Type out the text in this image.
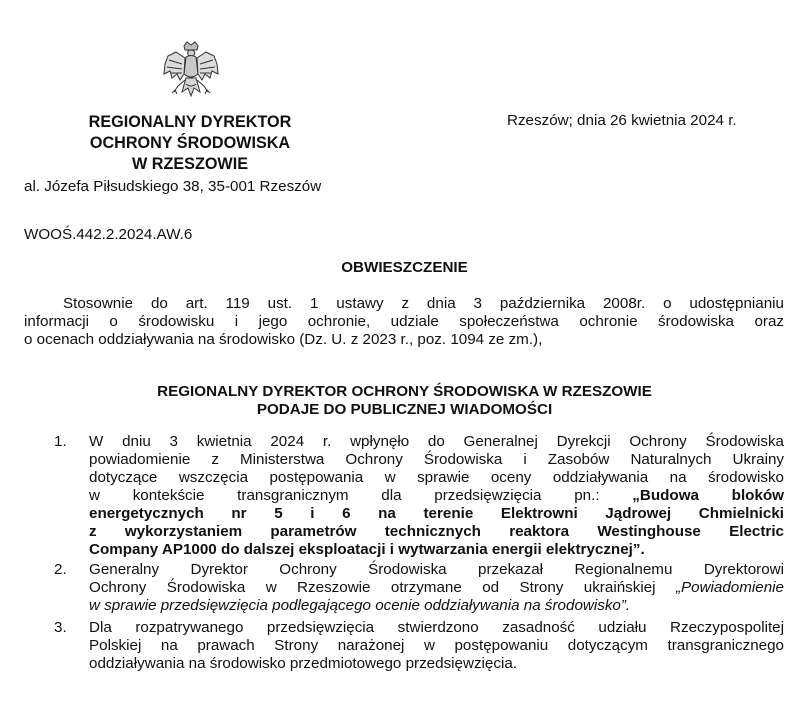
REGIONALNY DYREKTOR
OCHRONY ŚRODOWISKA
W RZESZOWIE
Rzeszów; dnia 26 kwietnia 2024 r.
al. Józefa Piłsudskiego 38, 35-001 Rzeszów
WOOŚ.442.2.2024.AW.6
OBWIESZCZENIE
Stosownie do art. 119 ust. 1 ustawy z dnia 3 października 2008r. o udostępnianiu
informacji o środowisku i jego ochronie, udziale społeczeństwa ochronie środowiska oraz
o ocenach oddziaływania na środowisko (Dz. U. z 2023 r., poz. 1094 ze zm.),
REGIONALNY DYREKTOR OCHRONY ŚRODOWISKA W RZESZOWIE
PODAJE DO PUBLICZNEJ WIADOMOŚCI
1.	W dniu 3 kwietnia 2024 r. wpłynęło do Generalnej Dyrekcji Ochrony Środowiska
powiadomienie z Ministerstwa Ochrony Środowiska i Zasobów Naturalnych Ukrainy
dotyczące wszczęcia postępowania w sprawie oceny oddziaływania na środowisko
w kontekście transgranicznym dla przedsięwzięcia pn.: „Budowa bloków
energetycznych nr 5 i 6 na terenie Elektrowni Jądrowej Chmielnicki
z wykorzystaniem parametrów technicznych reaktora Westinghouse Electric
Company AP1000 do dalszej eksploatacji i wytwarzania energii elektrycznej”.
2.	Generalny Dyrektor Ochrony Środowiska przekazał Regionalnemu Dyrektorowi
Ochrony Środowiska w Rzeszowie otrzymane od Strony ukraińskiej „Powiadomienie
w sprawie przedsięwzięcia podlegającego ocenie oddziaływania na środowisko”.
3.	Dla rozpatrywanego przedsięwzięcia stwierdzono zasadność udziału Rzeczypospolitej
Polskiej na prawach Strony narażonej w postępowaniu dotyczącym transgranicznego
oddziaływania na środowisko przedmiotowego przedsięwzięcia.
